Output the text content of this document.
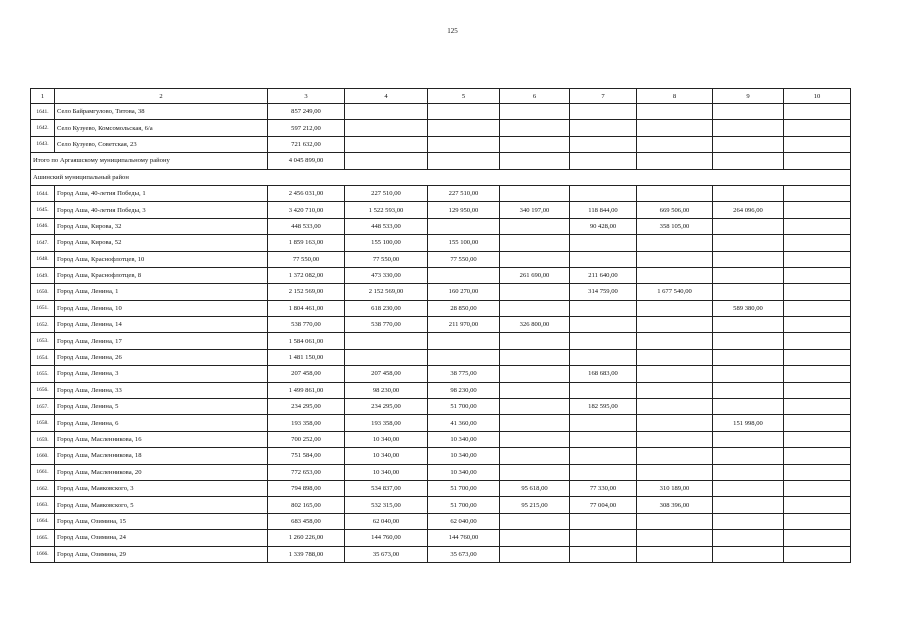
125
1	2	3	4	5	6	7	8	9	10
1641.	Село Байрамгулово, Титова, 38	857 249,00							
1642.	Село Кузуево, Комсомольская, 6/а	597 212,00							
1643.	Село Кузуево, Советская, 23	721 632,00							
Итого по Аргаяшскому муниципальному району		4 045 899,00							
Ашинский муниципальный район									
1644.	Город Аша, 40-летия Победы, 1	2 456 031,00	227 510,00	227 510,00					
1645.	Город Аша, 40-летия Победы, 3	3 420 710,00	1 522 593,00	129 950,00	340 197,00	118 844,00	669 506,00	264 096,00	
1646.	Город Аша, Кирова, 32	448 533,00	448 533,00			90 428,00	358 105,00		
1647.	Город Аша, Кирова, 52	1 859 163,00	155 100,00	155 100,00					
1648.	Город Аша, Краснофлотцев, 10	77 550,00	77 550,00	77 550,00					
1649.	Город Аша, Краснофлотцев, 8	1 372 082,00	473 330,00		261 690,00	211 640,00			
1650.	Город Аша, Ленина, 1	2 152 569,00	2 152 569,00	160 270,00		314 759,00	1 677 540,00		
1651.	Город Аша, Ленина, 10	1 804 461,00	618 230,00	28 850,00				589 380,00	
1652.	Город Аша, Ленина, 14	538 770,00	538 770,00	211 970,00	326 800,00				
1653.	Город Аша, Ленина, 17	1 584 061,00							
1654.	Город Аша, Ленина, 26	1 481 150,00							
1655.	Город Аша, Ленина, 3	207 458,00	207 458,00	38 775,00		168 683,00			
1656.	Город Аша, Ленина, 33	1 499 861,00	98 230,00	98 230,00					
1657.	Город Аша, Ленина, 5	234 295,00	234 295,00	51 700,00		182 595,00			
1658.	Город Аша, Ленина, 6	193 358,00	193 358,00	41 360,00				151 998,00	
1659.	Город Аша, Масленникова, 16	700 252,00	10 340,00	10 340,00					
1660.	Город Аша, Масленникова, 18	751 584,00	10 340,00	10 340,00					
1661.	Город Аша, Масленникова, 20	772 653,00	10 340,00	10 340,00					
1662.	Город Аша, Маяковского, 3	794 898,00	534 837,00	51 700,00	95 618,00	77 330,00	310 189,00		
1663.	Город Аша, Маяковского, 5	802 165,00	532 315,00	51 700,00	95 215,00	77 004,00	308 396,00		
1664.	Город Аша, Озимина, 15	683 458,00	62 040,00	62 040,00					
1665.	Город Аша, Озимина, 24	1 260 226,00	144 760,00	144 760,00					
1666.	Город Аша, Озимина, 29	1 339 788,00	35 673,00	35 673,00					
